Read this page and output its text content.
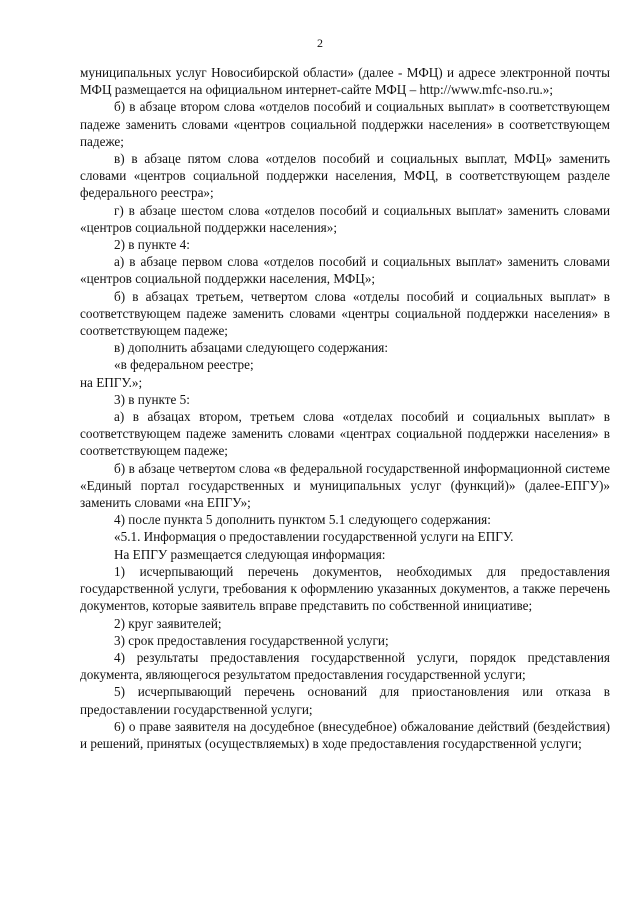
2

муниципальных услуг Новосибирской области» (далее - МФЦ) и адресе электронной почты МФЦ размещается на официальном интернет-сайте МФЦ – http://www.mfc-nso.ru.»;

б) в абзаце втором слова «отделов пособий и социальных выплат» в соответствующем падеже заменить словами «центров социальной поддержки населения» в соответствующем падеже;

в) в абзаце пятом слова «отделов пособий и социальных выплат, МФЦ» заменить словами «центров социальной поддержки населения, МФЦ, в соответствующем разделе федерального реестра»;

г) в абзаце шестом слова «отделов пособий и социальных выплат» заменить словами «центров социальной поддержки населения»;

2) в пункте 4:

а) в абзаце первом слова «отделов пособий и социальных выплат» заменить словами «центров социальной поддержки населения, МФЦ»;

б) в абзацах третьем, четвертом слова «отделы пособий и социальных выплат» в соответствующем падеже заменить словами «центры социальной поддержки населения» в соответствующем падеже;

в) дополнить абзацами следующего содержания:

«в федеральном реестре;

на ЕПГУ.»;

3) в пункте 5:

а) в абзацах втором, третьем слова «отделах пособий и социальных выплат» в соответствующем падеже заменить словами «центрах социальной поддержки населения» в соответствующем падеже;

б) в абзаце четвертом слова «в федеральной государственной информационной системе «Единый портал государственных и муниципальных услуг (функций)» (далее-ЕПГУ)» заменить словами «на ЕПГУ»;

4) после пункта 5 дополнить пунктом 5.1 следующего содержания:

«5.1. Информация о предоставлении государственной услуги на ЕПГУ.

На ЕПГУ размещается следующая информация:

1) исчерпывающий перечень документов, необходимых для предоставления государственной услуги, требования к оформлению указанных документов, а также перечень документов, которые заявитель вправе представить по собственной инициативе;

2) круг заявителей;

3) срок предоставления государственной услуги;

4) результаты предоставления государственной услуги, порядок представления документа, являющегося результатом предоставления государственной услуги;

5) исчерпывающий перечень оснований для приостановления или отказа в предоставлении государственной услуги;

6) о праве заявителя на досудебное (внесудебное) обжалование действий (бездействия) и решений, принятых (осуществляемых) в ходе предоставления государственной услуги;
